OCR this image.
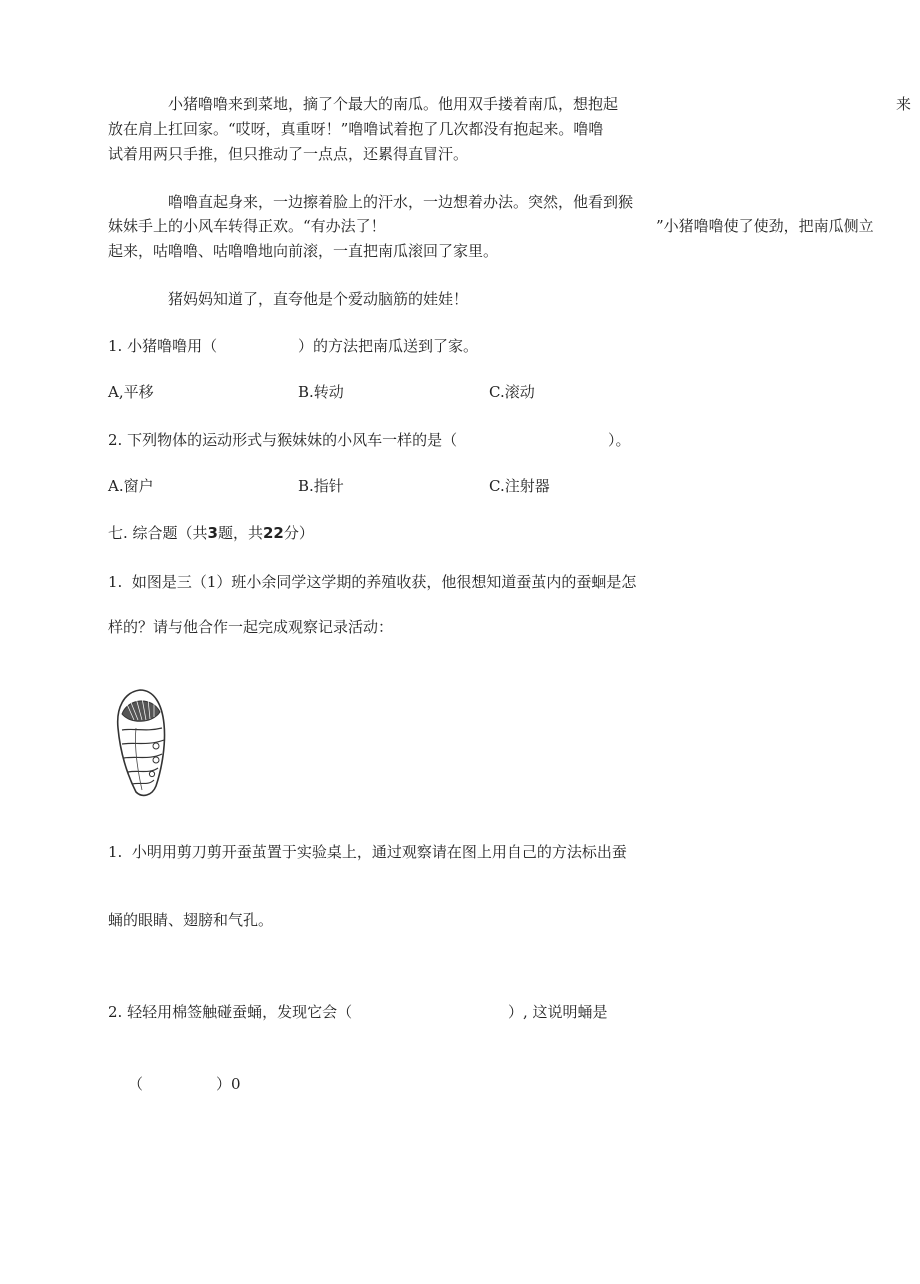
小猪噜噜来到菜地，摘了个最大的南瓜。他用双手搂着南瓜，想抱起	来
放在肩上扛回家。“哎呀，真重呀！”噜噜试着抱了几次都没有抱起来。噜噜
试着用两只手推，但只推动了一点点，还累得直冒汗。
噜噜直起身来，一边擦着脸上的汗水，一边想着办法。突然，他看到猴
妹妹手上的小风车转得正欢。“有办法了！	”小猪噜噜使了使劲，把南瓜侧立
起来，咕噜噜、咕噜噜地向前滚，一直把南瓜滚回了家里。
猪妈妈知道了，直夸他是个爱动脑筋的娃娃！
1. 小猪噜噜用（	）的方法把南瓜送到了家。
A,平移	B.转动	C.滚动
2. 下列物体的运动形式与猴妹妹的小风车一样的是（	）。
A.窗户	B.指针	C.注射器
七. 综合题（共3题，共22分）
1.  如图是三（1）班小余同学这学期的养殖收获，他很想知道蚕茧内的蚕蛔是怎
样的？请与他合作一起完成观察记录活动：
1.  小明用剪刀剪开蚕茧置于实验桌上，通过观察请在图上用自己的方法标出蚕
蛹的眼睛、翅膀和气孔。
2. 轻轻用棉签触碰蚕蛹，发现它会（	）, 这说明蛹是
（	）0
